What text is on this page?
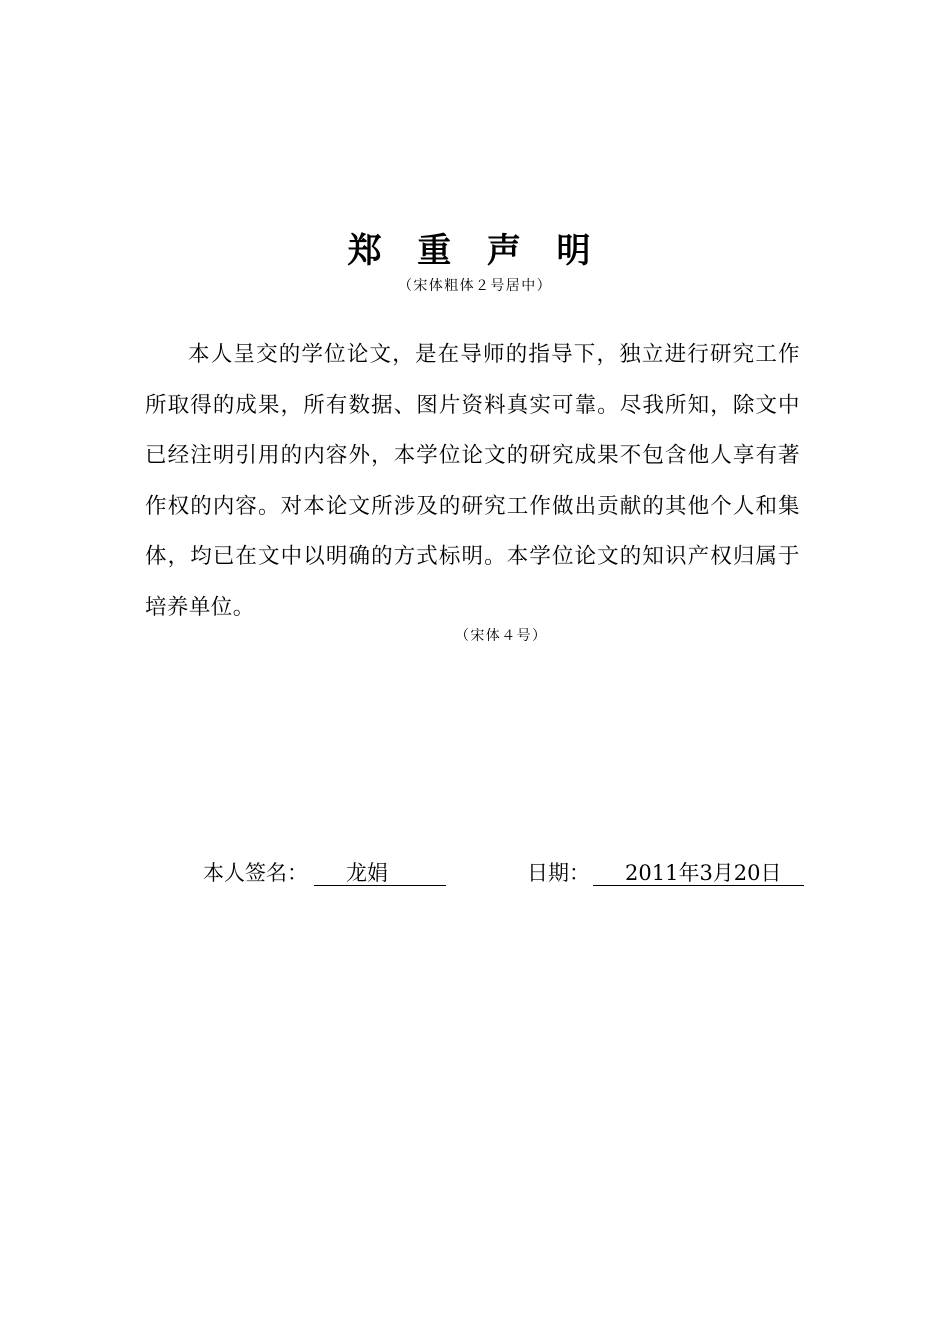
郑 重 声 明
（宋体粗体２号居中）

本人呈交的学位论文，是在导师的指导下，独立进行研究工作所取得的成果，所有数据、图片资料真实可靠。尽我所知，除文中已经注明引用的内容外，本学位论文的研究成果不包含他人享有著作权的内容。对本论文所涉及的研究工作做出贡献的其他个人和集体，均已在文中以明确的方式标明。本学位论文的知识产权归属于培养单位。

（宋体４号）
本人签名：	龙娟	日期：	2011年3月20日
